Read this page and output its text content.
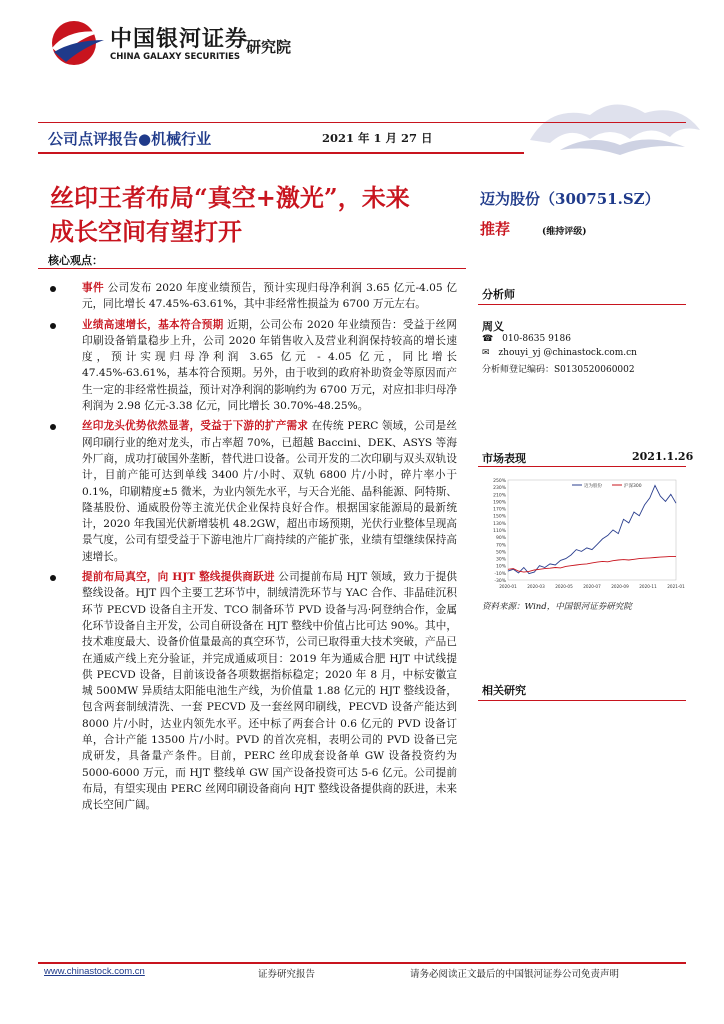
中国银河证券
CHINA GALAXY SECURITIES
研究院
公司点评报告●机械行业	2021 年 1 月 27 日
丝印王者布局“真空+激光”，未来
成长空间有望打开
核心观点：
事件 公司发布 2020 年度业绩预告，预计实现归母净利润 3.65 亿元-4.05 亿元，同比增长 47.45%-63.61%，其中非经常性损益为 6700 万元左右。
业绩高速增长，基本符合预期 近期，公司公布 2020 年业绩预告：受益于丝网印刷设备销量稳步上升，公司 2020 年销售收入及营业利润保持较高的增长速度，预计实现归母净利润 3.65 亿元 - 4.05 亿元，同比增长 47.45%-63.61%，基本符合预期。另外，由于收到的政府补助资金等原因而产生一定的非经常性损益，预计对净利润的影响约为 6700 万元，对应扣非归母净利润为 2.98 亿元-3.38 亿元，同比增长 30.70%-48.25%。
丝印龙头优势依然显著，受益于下游的扩产需求 在传统 PERC 领域，公司是丝网印刷行业的绝对龙头，市占率超 70%，已超越 Baccini、DEK、ASYS 等海外厂商，成功打破国外垄断，替代进口设备。公司开发的二次印刷与双头双轨设计，目前产能可达到单线 3400 片/小时、双轨 6800 片/小时，碎片率小于 0.1%，印刷精度±5 微米，为业内领先水平，与天合光能、晶科能源、阿特斯、隆基股份、通威股份等主流光伏企业保持良好合作。根据国家能源局的最新统计，2020 年我国光伏新增装机 48.2GW，超出市场预期，光伏行业整体呈现高景气度，公司有望受益于下游电池片厂商持续的产能扩张，业绩有望继续保持高速增长。
提前布局真空，向 HJT 整线提供商跃进 公司提前布局 HJT 领域，致力于提供整线设备。HJT 四个主要工艺环节中，制绒清洗环节与 YAC 合作、非晶硅沉积环节 PECVD 设备自主开发、TCO 制备环节 PVD 设备与冯·阿登纳合作，金属化环节设备自主开发，公司自研设备在 HJT 整线中价值占比可达 90%。其中，技术难度最大、设备价值量最高的真空环节，公司已取得重大技术突破，产品已在通威产线上充分验证，并完成通威项目：2019 年为通威合肥 HJT 中试线提供 PECVD 设备，目前该设备各项数据指标稳定；2020 年 8 月，中标安徽宣城 500MW 异质结太阳能电池生产线，为价值量 1.88 亿元的 HJT 整线设备，包含两套制绒清洗、一套 PECVD 及一套丝网印刷线，PECVD 设备产能达到 8000 片/小时，达业内领先水平。还中标了两套合计 0.6 亿元的 PVD 设备订单，合计产能 13500 片/小时。PVD 的首次亮相，表明公司的 PVD 设备已完成研发，具备量产条件。目前，PERC 丝印成套设备单 GW 设备投资约为 5000-6000 万元，而 HJT 整线单 GW 国产设备投资可达 5-6 亿元。公司提前布局，有望实现由 PERC 丝网印刷设备商向 HJT 整线设备提供商的跃进，未来成长空间广阔。
迈为股份（300751.SZ）
推荐	(维持评级)
分析师
周义
☎ 010-8635 9186
✉ zhouyi_yj @chinastock.com.cn
分析师登记编码：S0130520060002
市场表现	2021.1.26
250%
230%
210%
190%
170%
150%
130%
110%
90%
70%
50%
30%
10%
-10%
-30%
2020-01	2020-03	2020-05	2020-07	2020-09	2020-11	2021-01
迈为股份	沪深300
资料来源：Wind，中国银河证券研究院
相关研究
www.chinastock.com.cn	证券研究报告	请务必阅读正文最后的中国银河证券公司免责声明
